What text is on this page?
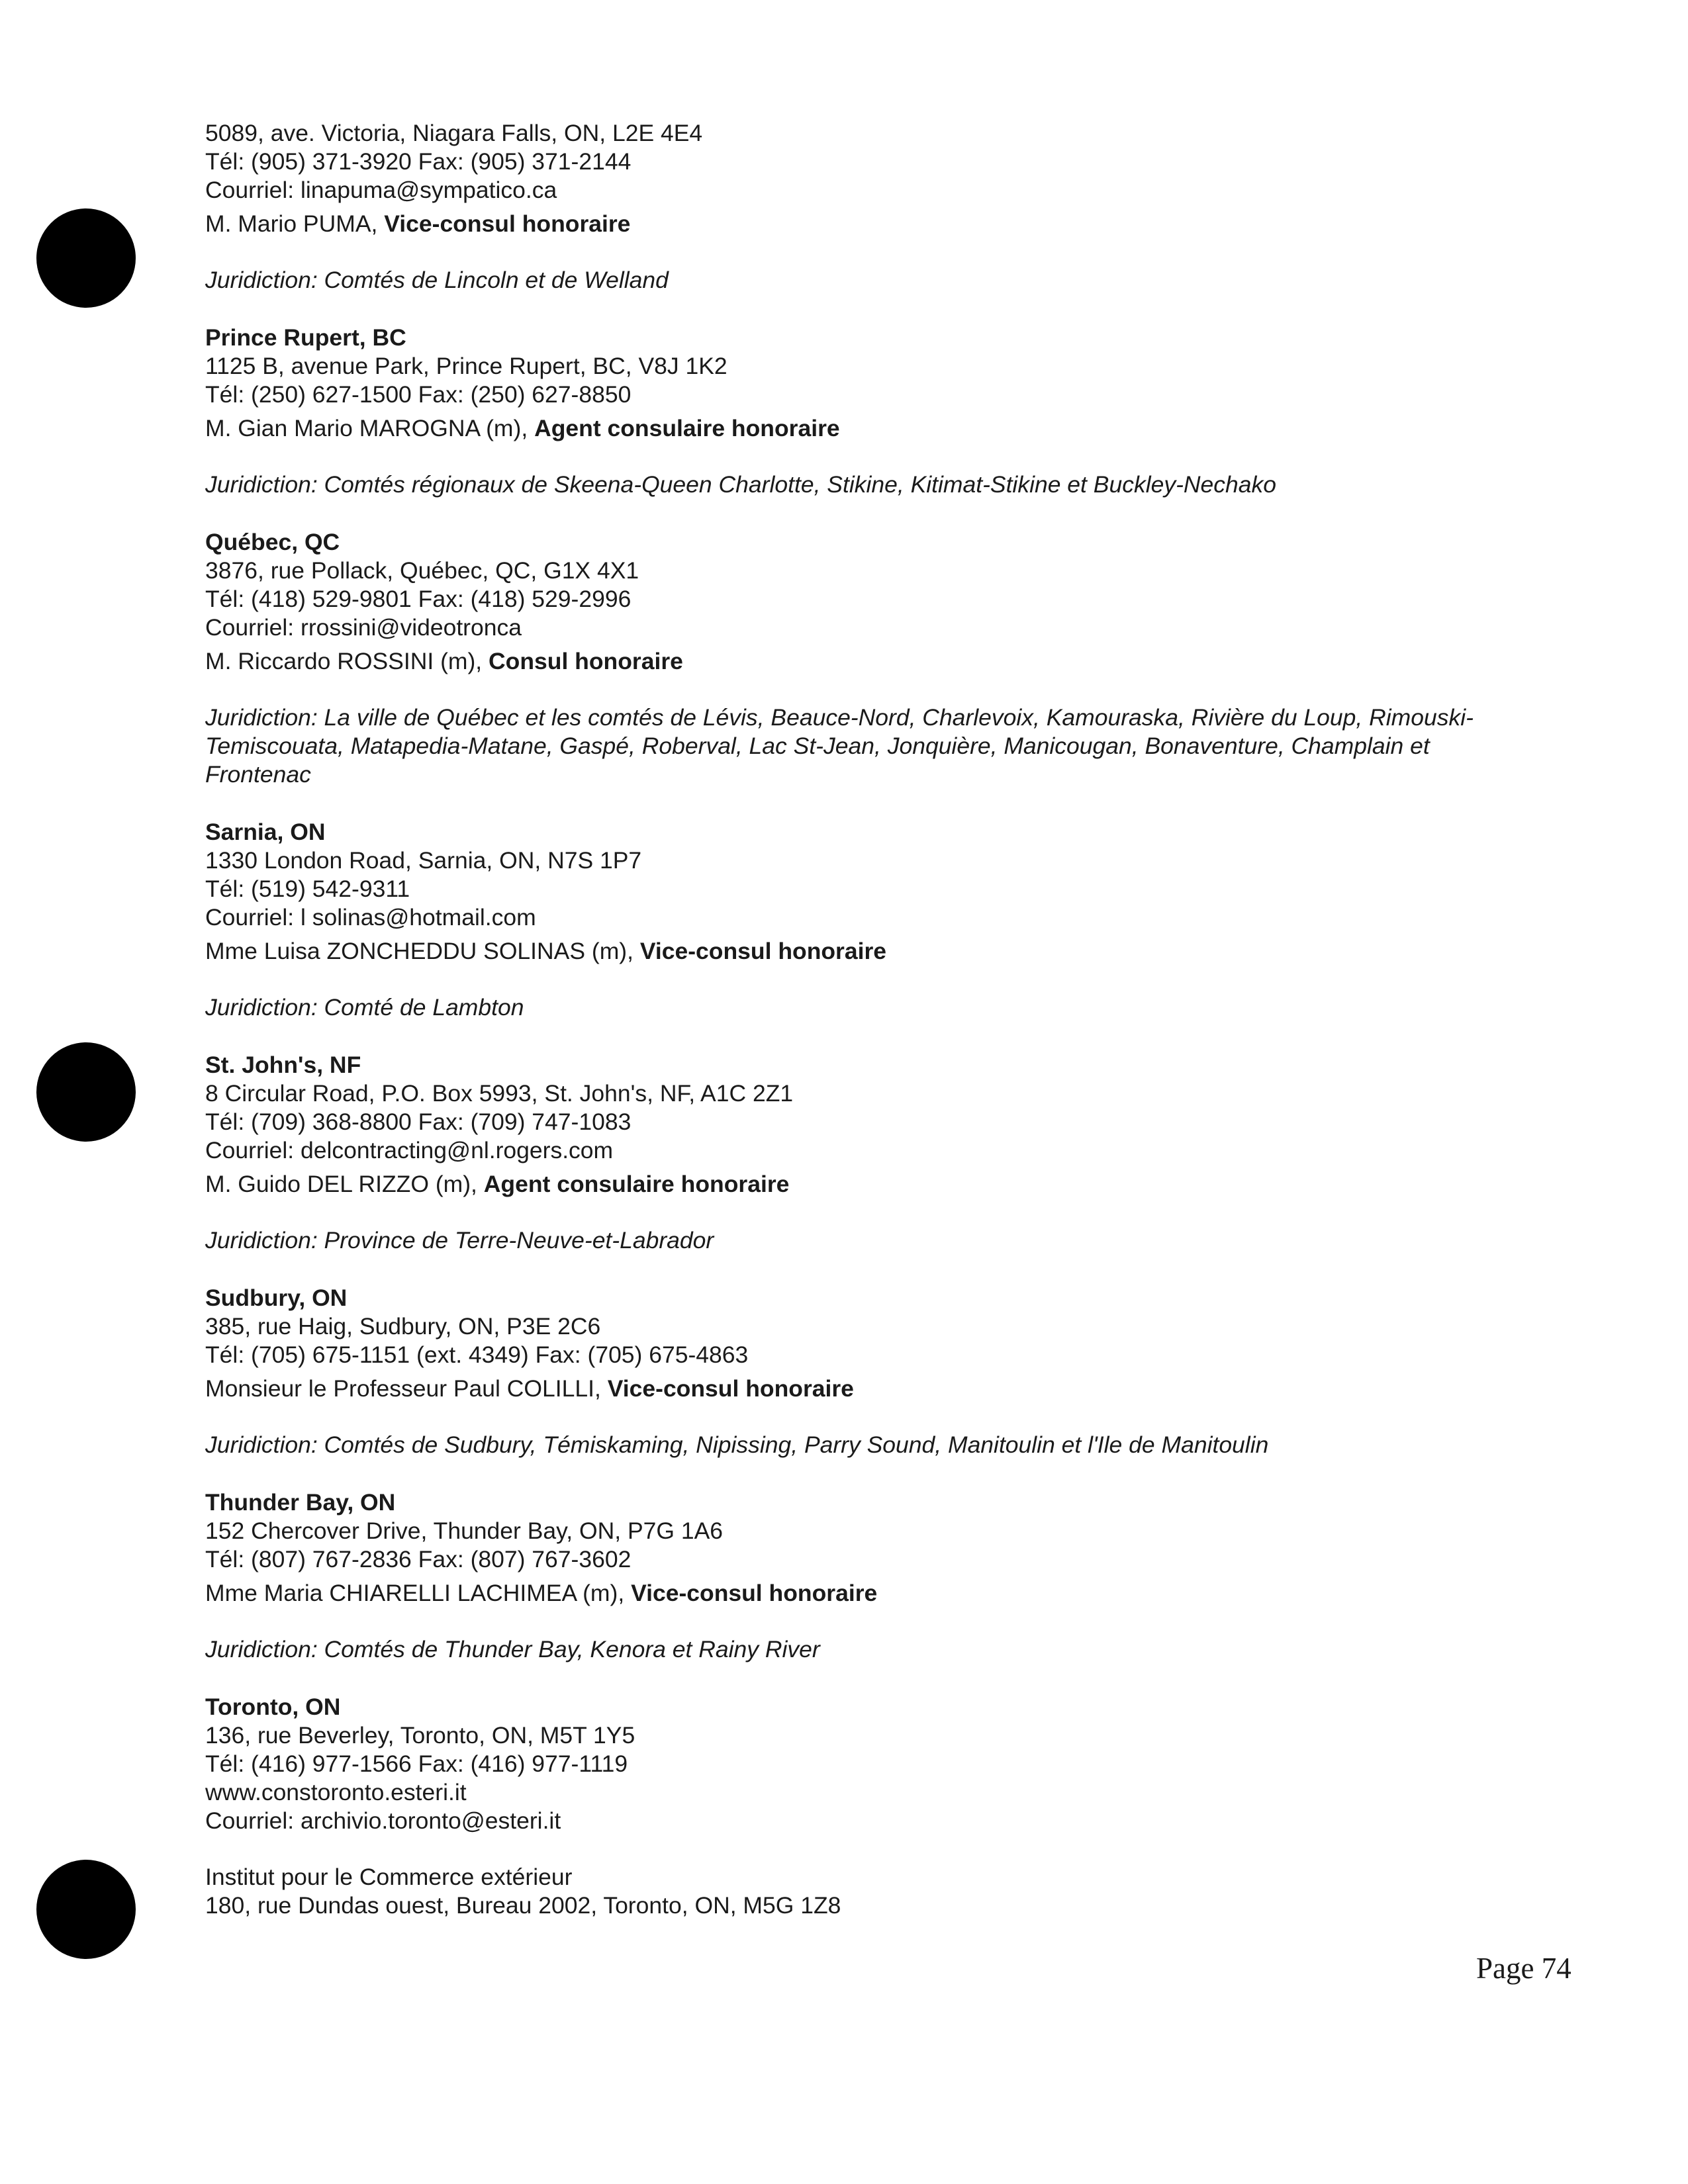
5089, ave. Victoria, Niagara Falls, ON, L2E 4E4
Tél: (905) 371-3920 Fax: (905) 371-2144
Courriel: linapuma@sympatico.ca
M. Mario PUMA, Vice-consul honoraire
Juridiction: Comtés de Lincoln et de Welland
Prince Rupert, BC
1125 B, avenue Park, Prince Rupert, BC, V8J 1K2
Tél: (250) 627-1500 Fax: (250) 627-8850
M. Gian Mario MAROGNA (m), Agent consulaire honoraire
Juridiction: Comtés régionaux de Skeena-Queen Charlotte, Stikine, Kitimat-Stikine et Buckley-Nechako
Québec, QC
3876, rue Pollack, Québec, QC, G1X 4X1
Tél: (418) 529-9801 Fax: (418) 529-2996
Courriel: rrossini@videotronca
M. Riccardo ROSSINI (m), Consul honoraire
Juridiction: La ville de Québec et les comtés de Lévis, Beauce-Nord, Charlevoix, Kamouraska, Rivière du Loup, Rimouski-Temiscouata, Matapedia-Matane, Gaspé, Roberval, Lac St-Jean, Jonquière, Manicougan, Bonaventure, Champlain et Frontenac
Sarnia, ON
1330 London Road, Sarnia, ON, N7S 1P7
Tél: (519) 542-9311
Courriel: l solinas@hotmail.com
Mme Luisa ZONCHEDDU SOLINAS (m), Vice-consul honoraire
Juridiction: Comté de Lambton
St. John's, NF
8 Circular Road, P.O. Box 5993, St. John's, NF, A1C 2Z1
Tél: (709) 368-8800 Fax: (709) 747-1083
Courriel: delcontracting@nl.rogers.com
M. Guido DEL RIZZO (m), Agent consulaire honoraire
Juridiction: Province de Terre-Neuve-et-Labrador
Sudbury, ON
385, rue Haig, Sudbury, ON, P3E 2C6
Tél: (705) 675-1151 (ext. 4349) Fax: (705) 675-4863
Monsieur le Professeur Paul COLILLI, Vice-consul honoraire
Juridiction: Comtés de Sudbury, Témiskaming, Nipissing, Parry Sound, Manitoulin et l'Ile de Manitoulin
Thunder Bay, ON
152 Chercover Drive, Thunder Bay, ON, P7G 1A6
Tél: (807) 767-2836 Fax: (807) 767-3602
Mme Maria CHIARELLI LACHIMEA (m), Vice-consul honoraire
Juridiction: Comtés de Thunder Bay, Kenora et Rainy River
Toronto, ON
136, rue Beverley, Toronto, ON, M5T 1Y5
Tél: (416) 977-1566 Fax: (416) 977-1119
www.constoronto.esteri.it
Courriel: archivio.toronto@esteri.it
Institut pour le Commerce extérieur
180, rue Dundas ouest, Bureau 2002, Toronto, ON, M5G 1Z8
Page 74
